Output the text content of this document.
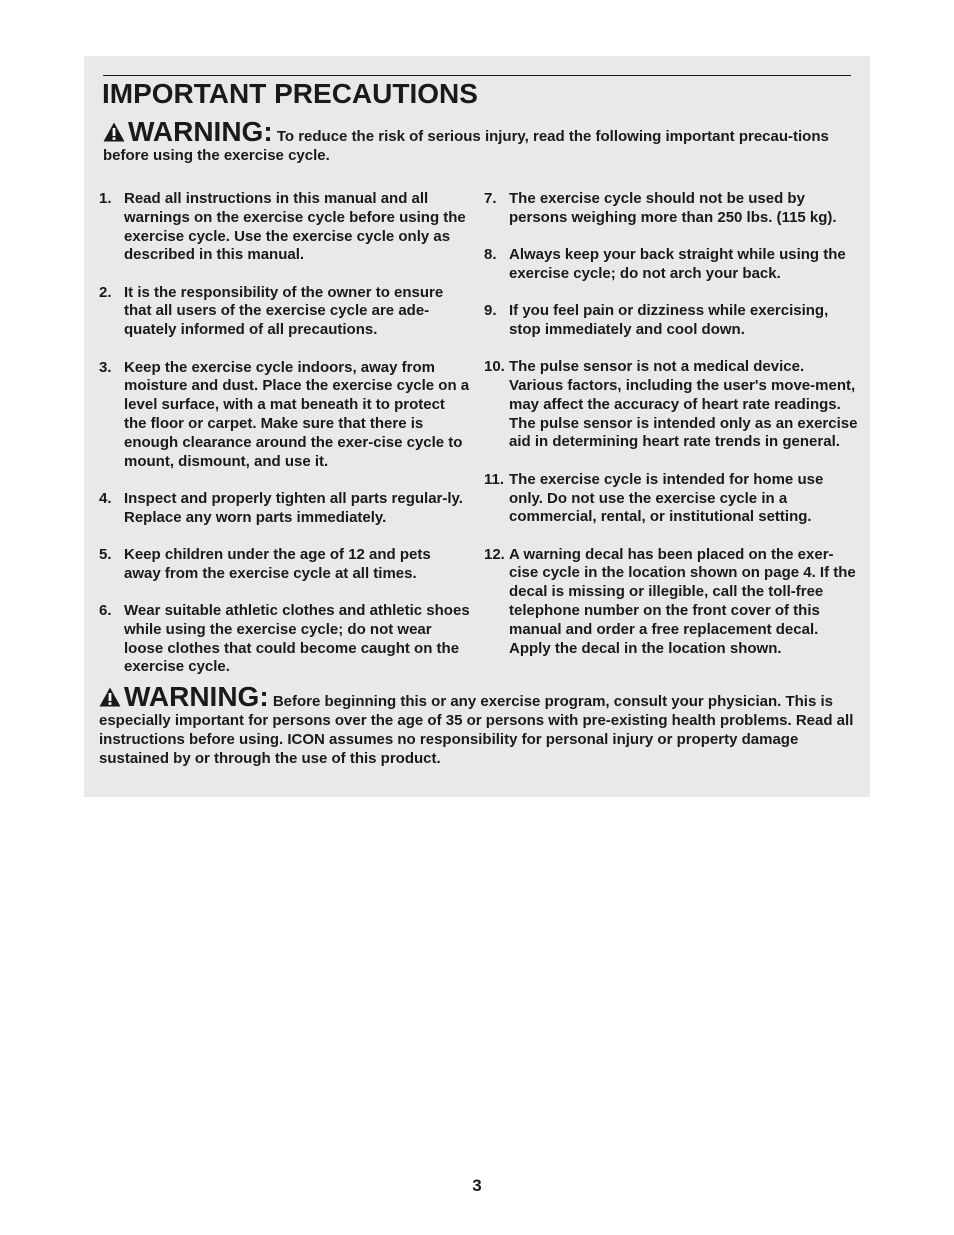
IMPORTANT PRECAUTIONS
WARNING: To reduce the risk of serious injury, read the following important precau-tions before using the exercise cycle.
1. Read all instructions in this manual and all warnings on the exercise cycle before using the exercise cycle. Use the exercise cycle only as described in this manual.
2. It is the responsibility of the owner to ensure that all users of the exercise cycle are ade-quately informed of all precautions.
3. Keep the exercise cycle indoors, away from moisture and dust. Place the exercise cycle on a level surface, with a mat beneath it to protect the floor or carpet. Make sure that there is enough clearance around the exer-cise cycle to mount, dismount, and use it.
4. Inspect and properly tighten all parts regular-ly. Replace any worn parts immediately.
5. Keep children under the age of 12 and pets away from the exercise cycle at all times.
6. Wear suitable athletic clothes and athletic shoes while using the exercise cycle; do not wear loose clothes that could become caught on the exercise cycle.
7. The exercise cycle should not be used by persons weighing more than 250 lbs. (115 kg).
8. Always keep your back straight while using the exercise cycle; do not arch your back.
9. If you feel pain or dizziness while exercising, stop immediately and cool down.
10. The pulse sensor is not a medical device. Various factors, including the user's move-ment, may affect the accuracy of heart rate readings. The pulse sensor is intended only as an exercise aid in determining heart rate trends in general.
11. The exercise cycle is intended for home use only. Do not use the exercise cycle in a commercial, rental, or institutional setting.
12. A warning decal has been placed on the exer-cise cycle in the location shown on page 4. If the decal is missing or illegible, call the toll-free telephone number on the front cover of this manual and order a free replacement decal. Apply the decal in the location shown.
WARNING: Before beginning this or any exercise program, consult your physician. This is especially important for persons over the age of 35 or persons with pre-existing health problems. Read all instructions before using. ICON assumes no responsibility for personal injury or property damage sustained by or through the use of this product.
3
